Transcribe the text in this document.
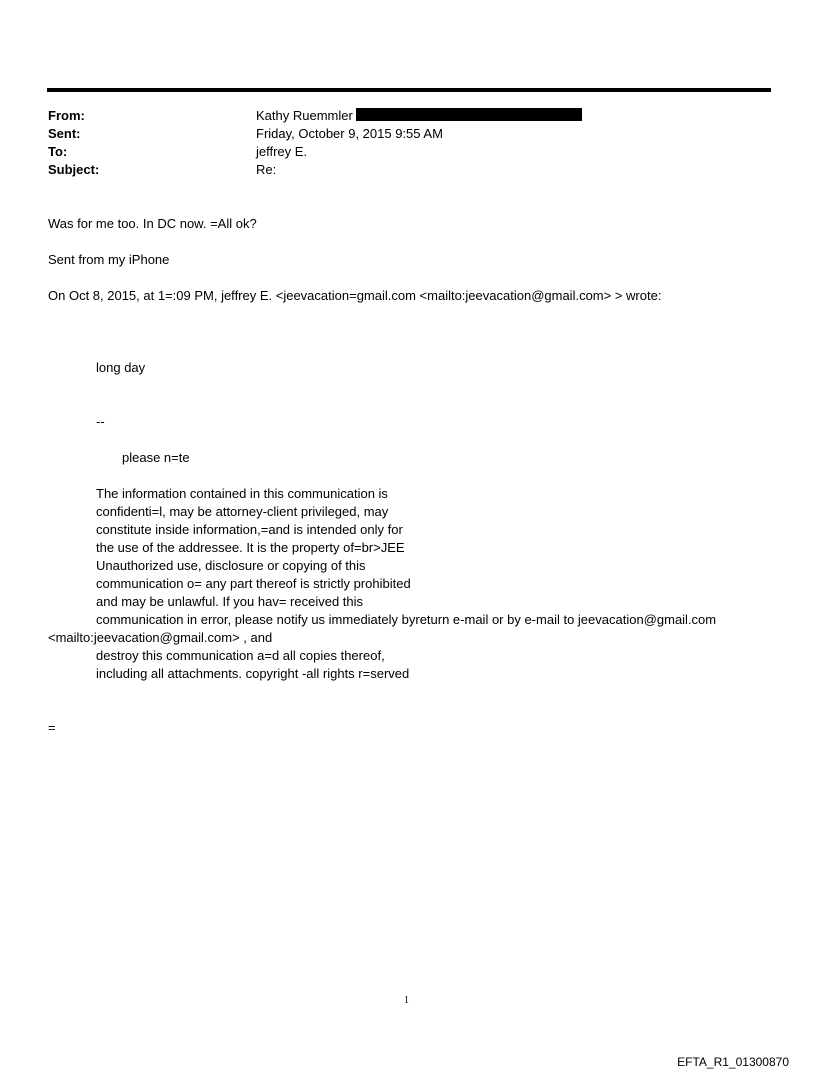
From:	Kathy Ruemmler
Sent:	Friday, October 9, 2015 9:55 AM
To:	jeffrey E.
Subject:	Re:
Was for me too. In DC now. =All ok?
Sent from my iPhone
On Oct 8, 2015, at 1=:09 PM, jeffrey E. <jeevacation=gmail.com <mailto:jeevacation@gmail.com> > wrote:
long day
--
please n=te
The information contained in this communication is
confidenti=l, may be attorney-client privileged, may
constitute inside information,=and is intended only for
the use of the addressee. It is the property of=br>JEE
Unauthorized use, disclosure or copying of this
communication o= any part thereof is strictly prohibited
and may be unlawful. If you hav= received this
communication in error, please notify us immediately byreturn e-mail or by e-mail to jeevacation@gmail.com
<mailto:jeevacation@gmail.com> , and
destroy this communication a=d all copies thereof,
including all attachments. copyright -all rights r=served
=
1
EFTA_R1_01300870
